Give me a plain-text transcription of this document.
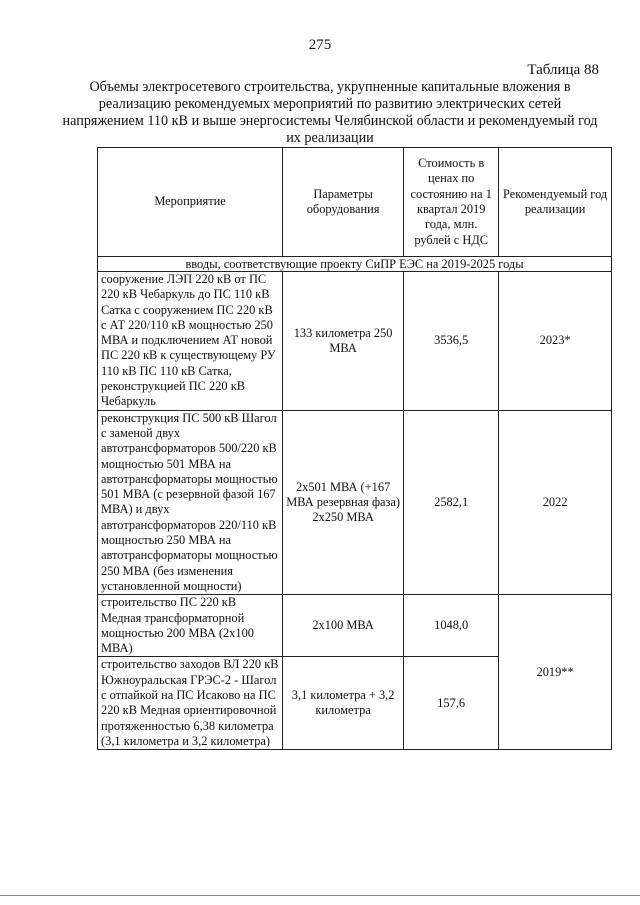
275
Таблица 88
Объемы электросетевого строительства, укрупненные капитальные вложения в реализацию рекомендуемых мероприятий по развитию электрических сетей напряжением 110 кВ и выше энергосистемы Челябинской области и рекомендуемый год их реализации
Мероприятие	Параметры оборудования	Стоимость в ценах по состоянию на 1 квартал 2019 года, млн. рублей с НДС	Рекомендуемый год реализации
вводы, соответствующие проекту СиПР ЕЭС на 2019-2025 годы			
сооружение ЛЭП 220 кВ от ПС 220 кВ Чебаркуль до ПС 110 кВ Сатка с сооружением ПС 220 кВ с АТ 220/110 кВ мощностью 250 МВА и подключением АТ новой ПС 220 кВ к существующему РУ 110 кВ ПС 110 кВ Сатка, реконструкцией ПС 220 кВ Чебаркуль	133 километра 250 МВА	3536,5	2023*
реконструкция ПС 500 кВ Шагол с заменой двух автотрансформаторов 500/220 кВ мощностью 501 МВА на автотрансформаторы мощностью 501 МВА (с резервной фазой 167 МВА) и двух автотрансформаторов 220/110 кВ мощностью 250 МВА на автотрансформаторы мощностью 250 МВА (без изменения установленной мощности)	2х501 МВА (+167 МВА резервная фаза) 2х250 МВА	2582,1	2022
строительство ПС 220 кВ Медная трансформаторной мощностью 200 МВА (2х100 МВА)	2х100 МВА	1048,0	2019**
строительство заходов ВЛ 220 кВ Южноуральская ГРЭС-2 - Шагол с отпайкой на ПС Исаково на ПС 220 кВ Медная ориентировочной протяженностью 6,38 километра (3,1 километра и 3,2 километра)	3,1 километра + 3,2 километра	157,6	
